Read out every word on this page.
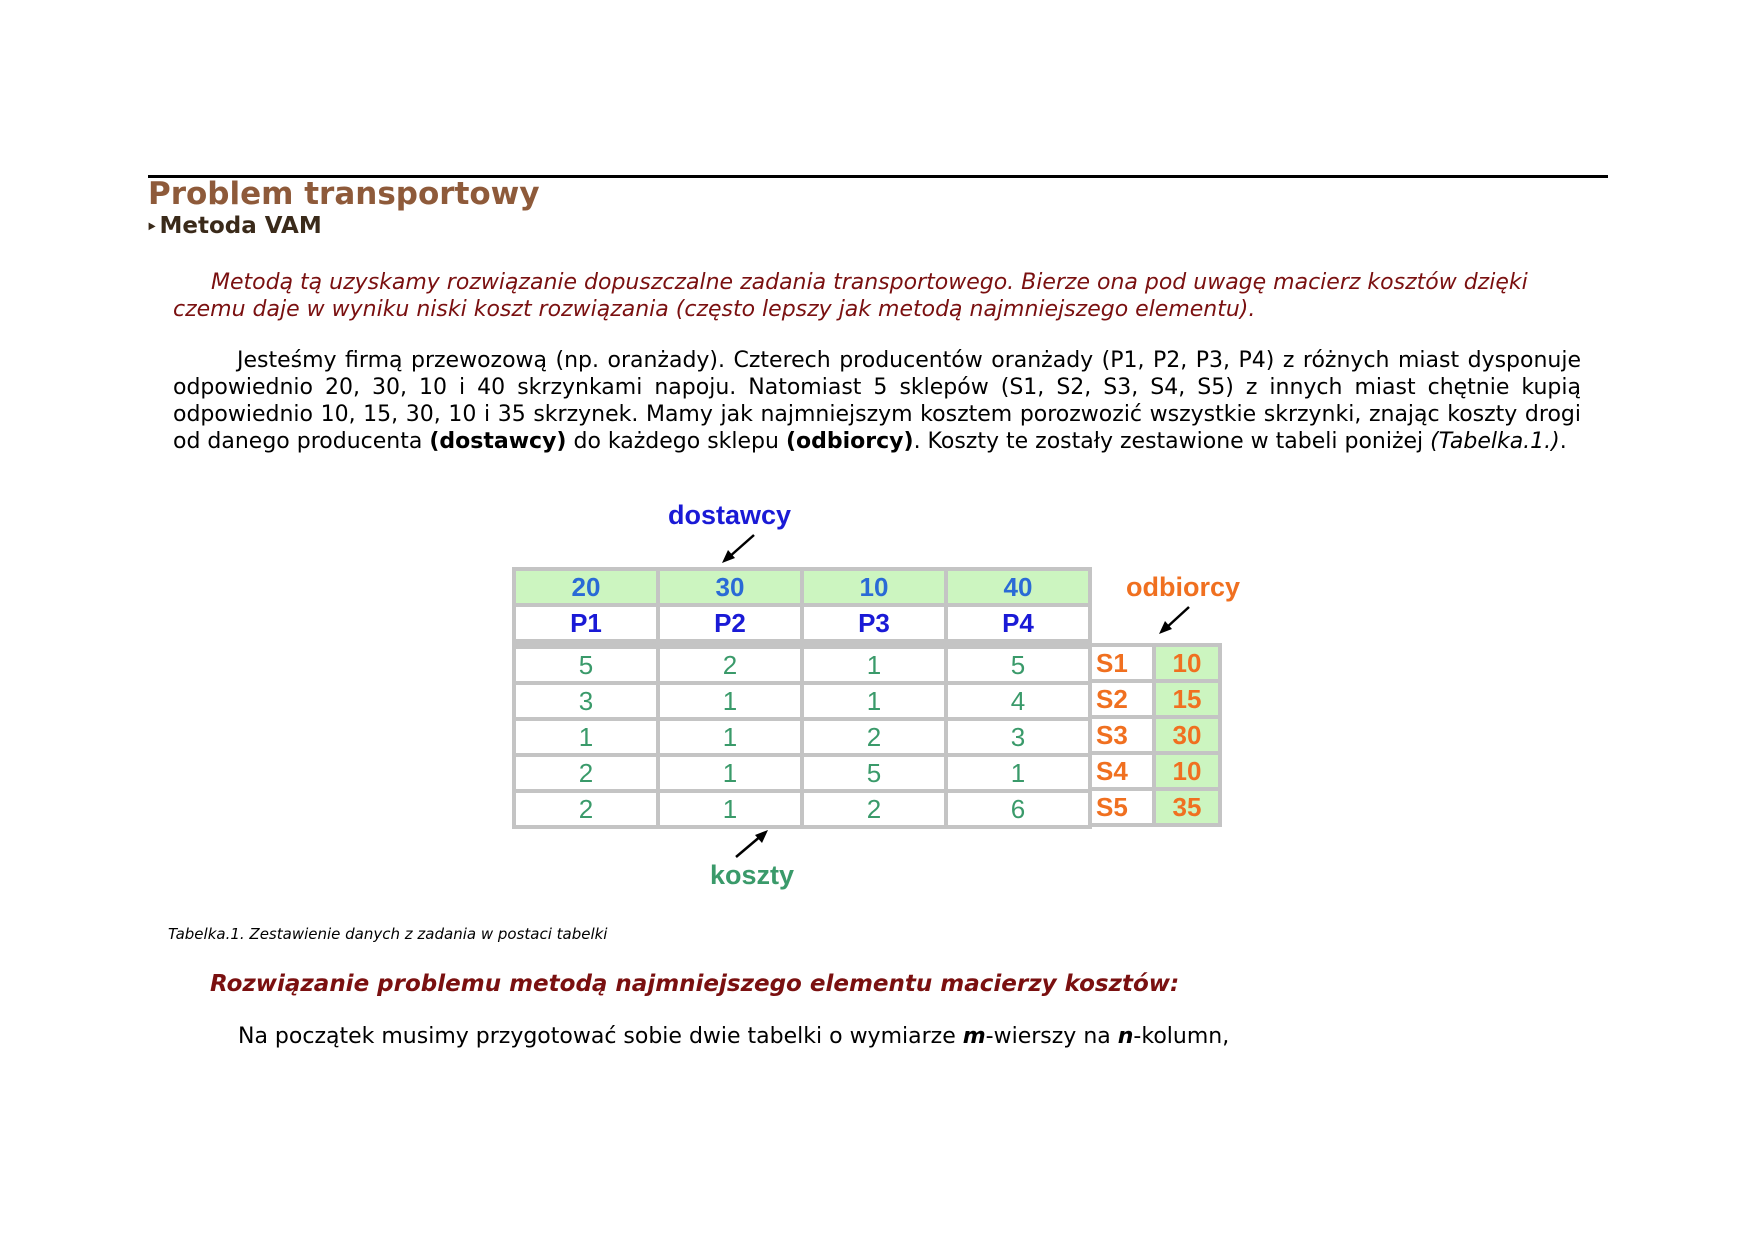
Problem transportowy
‣Metoda VAM
Metodą tą uzyskamy rozwiązanie dopuszczalne zadania transportowego. Bierze ona pod uwagę macierz kosztów dzięki czemu daje w wyniku niski koszt rozwiązania (często lepszy jak metodą najmniejszego elementu).
Jesteśmy firmą przewozową (np. oranżady). Czterech producentów oranżady (P1, P2, P3, P4) z różnych miast dysponuje odpowiednio 20, 30, 10 i 40 skrzynkami napoju. Natomiast 5 sklepów (S1, S2, S3, S4, S5) z innych miast chętnie kupią odpowiednio 10, 15, 30, 10 i 35 skrzynek. Mamy jak najmniejszym kosztem porozwozić wszystkie skrzynki, znając koszty drogi od danego producenta (dostawcy) do każdego sklepu (odbiorcy). Koszty te zostały zestawione w tabeli poniżej (Tabelka.1.).
dostawcy
odbiorcy
koszty
20	30	10	40
P1	P2	P3	P4

5	2	1	5
3	1	1	4
1	1	2	3
2	1	5	1
2	1	2	6
S1	10
S2	15
S3	30
S4	10
S5	35
Tabelka.1. Zestawienie danych z zadania w postaci tabelki
Rozwiązanie problemu metodą najmniejszego elementu macierzy kosztów:
Na początek musimy przygotować sobie dwie tabelki o wymiarze m-wierszy na n-kolumn,
